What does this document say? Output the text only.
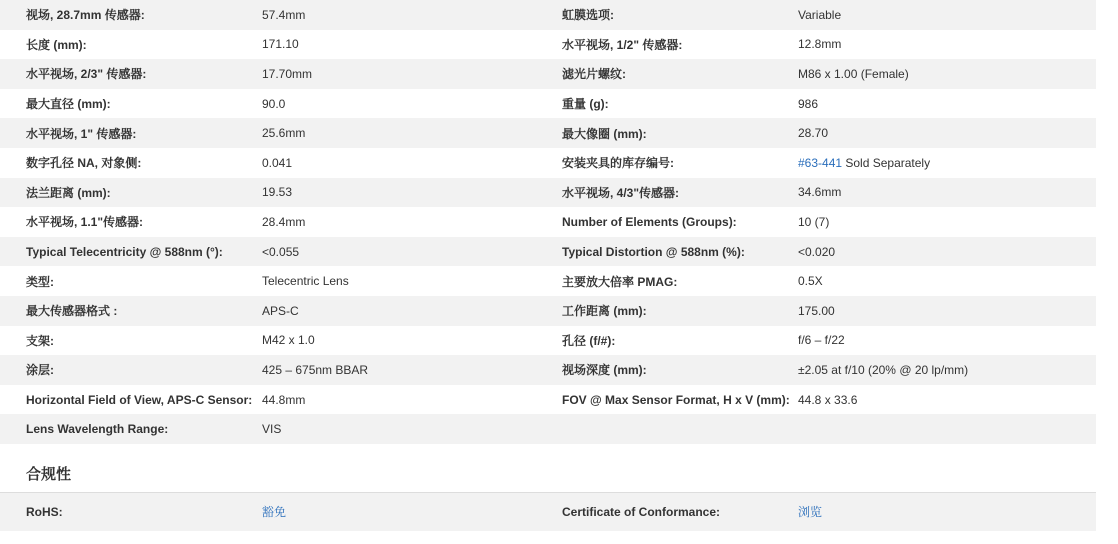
视场, 28.7mm 传感器:	57.4mm	虹膜选项:	Variable
长度 (mm):	171.10	水平视场, 1/2" 传感器:	12.8mm
水平视场, 2/3" 传感器:	17.70mm	滤光片螺纹:	M86 x 1.00 (Female)
最大直径 (mm):	90.0	重量 (g):	986
水平视场, 1" 传感器:	25.6mm	最大像圈 (mm):	28.70
数字孔径 NA, 对象侧:	0.041	安装夹具的库存编号:	#63-441 Sold Separately
法兰距离 (mm):	19.53	水平视场, 4/3"传感器:	34.6mm
水平视场, 1.1"传感器:	28.4mm	Number of Elements (Groups):	10 (7)
Typical Telecentricity @ 588nm (°):	<0.055	Typical Distortion @ 588nm (%):	<0.020
类型:	Telecentric Lens	主要放大倍率 PMAG:	0.5X
最大传感器格式 :	APS-C	工作距离 (mm):	175.00
支架:	M42 x 1.0	孔径 (f/#):	f/6 – f/22
涂层:	425 – 675nm BBAR	视场深度 (mm):	±2.05 at f/10 (20% @ 20 lp/mm)
Horizontal Field of View, APS-C Sensor: 44.8mm	FOV @ Max Sensor Format, H x V (mm): 44.8 x 33.6
Lens Wavelength Range:	VIS
合规性
RoHS:	豁免	Certificate of Conformance:	浏览
